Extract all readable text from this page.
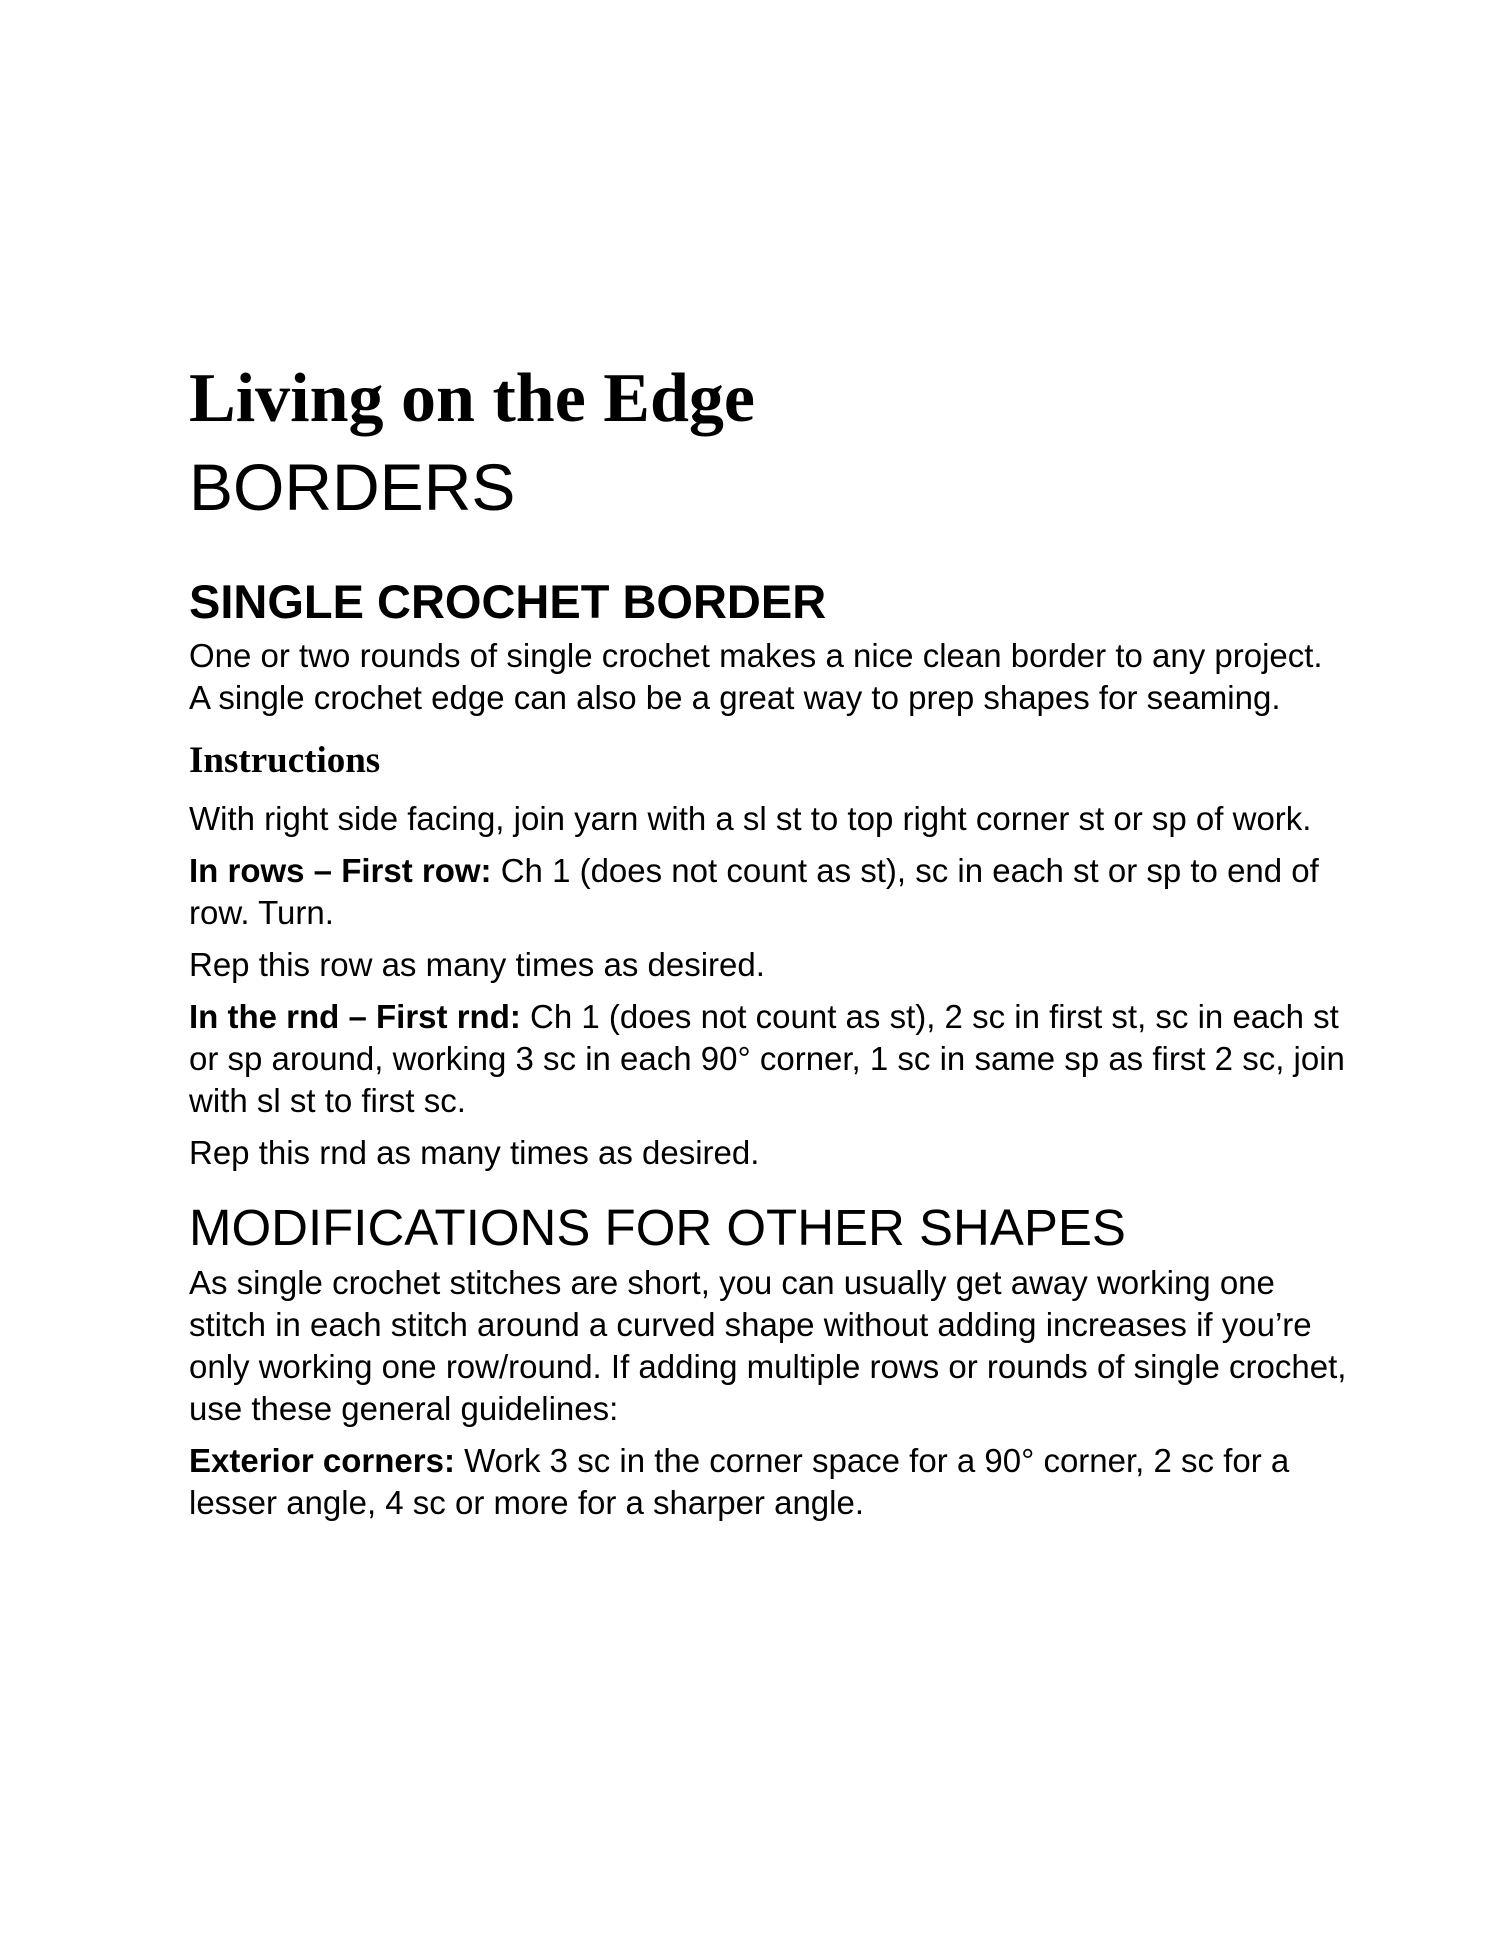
Living on the Edge
BORDERS
SINGLE CROCHET BORDER

One or two rounds of single crochet makes a nice clean border to any project. A single crochet edge can also be a great way to prep shapes for seaming.

Instructions

With right side facing, join yarn with a sl st to top right corner st or sp of work.

In rows – First row: Ch 1 (does not count as st), sc in each st or sp to end of row. Turn.

Rep this row as many times as desired.

In the rnd – First rnd: Ch 1 (does not count as st), 2 sc in first st, sc in each st or sp around, working 3 sc in each 90° corner, 1 sc in same sp as first 2 sc, join with sl st to first sc.

Rep this rnd as many times as desired.

MODIFICATIONS FOR OTHER SHAPES

As single crochet stitches are short, you can usually get away working one stitch in each stitch around a curved shape without adding increases if you’re only working one row/round. If adding multiple rows or rounds of single crochet, use these general guidelines:

Exterior corners: Work 3 sc in the corner space for a 90° corner, 2 sc for a lesser angle, 4 sc or more for a sharper angle.
